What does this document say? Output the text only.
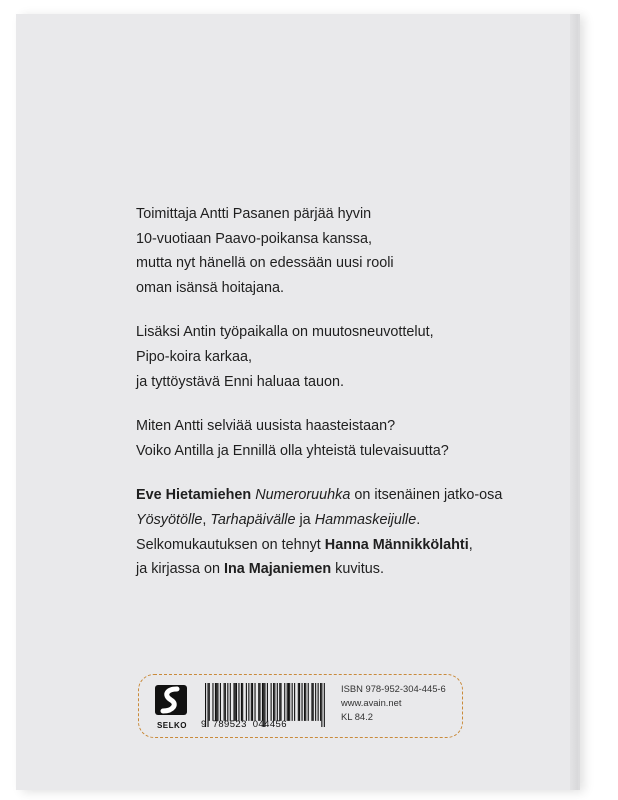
Toimittaja Antti Pasanen pärjää hyvin

10-vuotiaan Paavo-poikansa kanssa,

mutta nyt hänellä on edessään uusi rooli

oman isänsä hoitajana.

Lisäksi Antin työpaikalla on muutosneuvottelut,

Pipo-koira karkaa,

ja tyttöystävä Enni haluaa tauon.

Miten Antti selviää uusista haasteistaan?

Voiko Antilla ja Ennillä olla yhteistä tulevaisuutta?

Eve Hietamiehen Numeroruuhka on itsenäinen jatko-osa

Yösyötölle, Tarhapäivälle ja Hammaskeijulle.

Selkomukautuksen on tehnyt Hanna Männikkölahti,

ja kirjassa on Ina Majaniemen kuvitus.

SELKO	9 789523 044456
ISBN 978-952-304-445-6
www.avain.net
KL 84.2
